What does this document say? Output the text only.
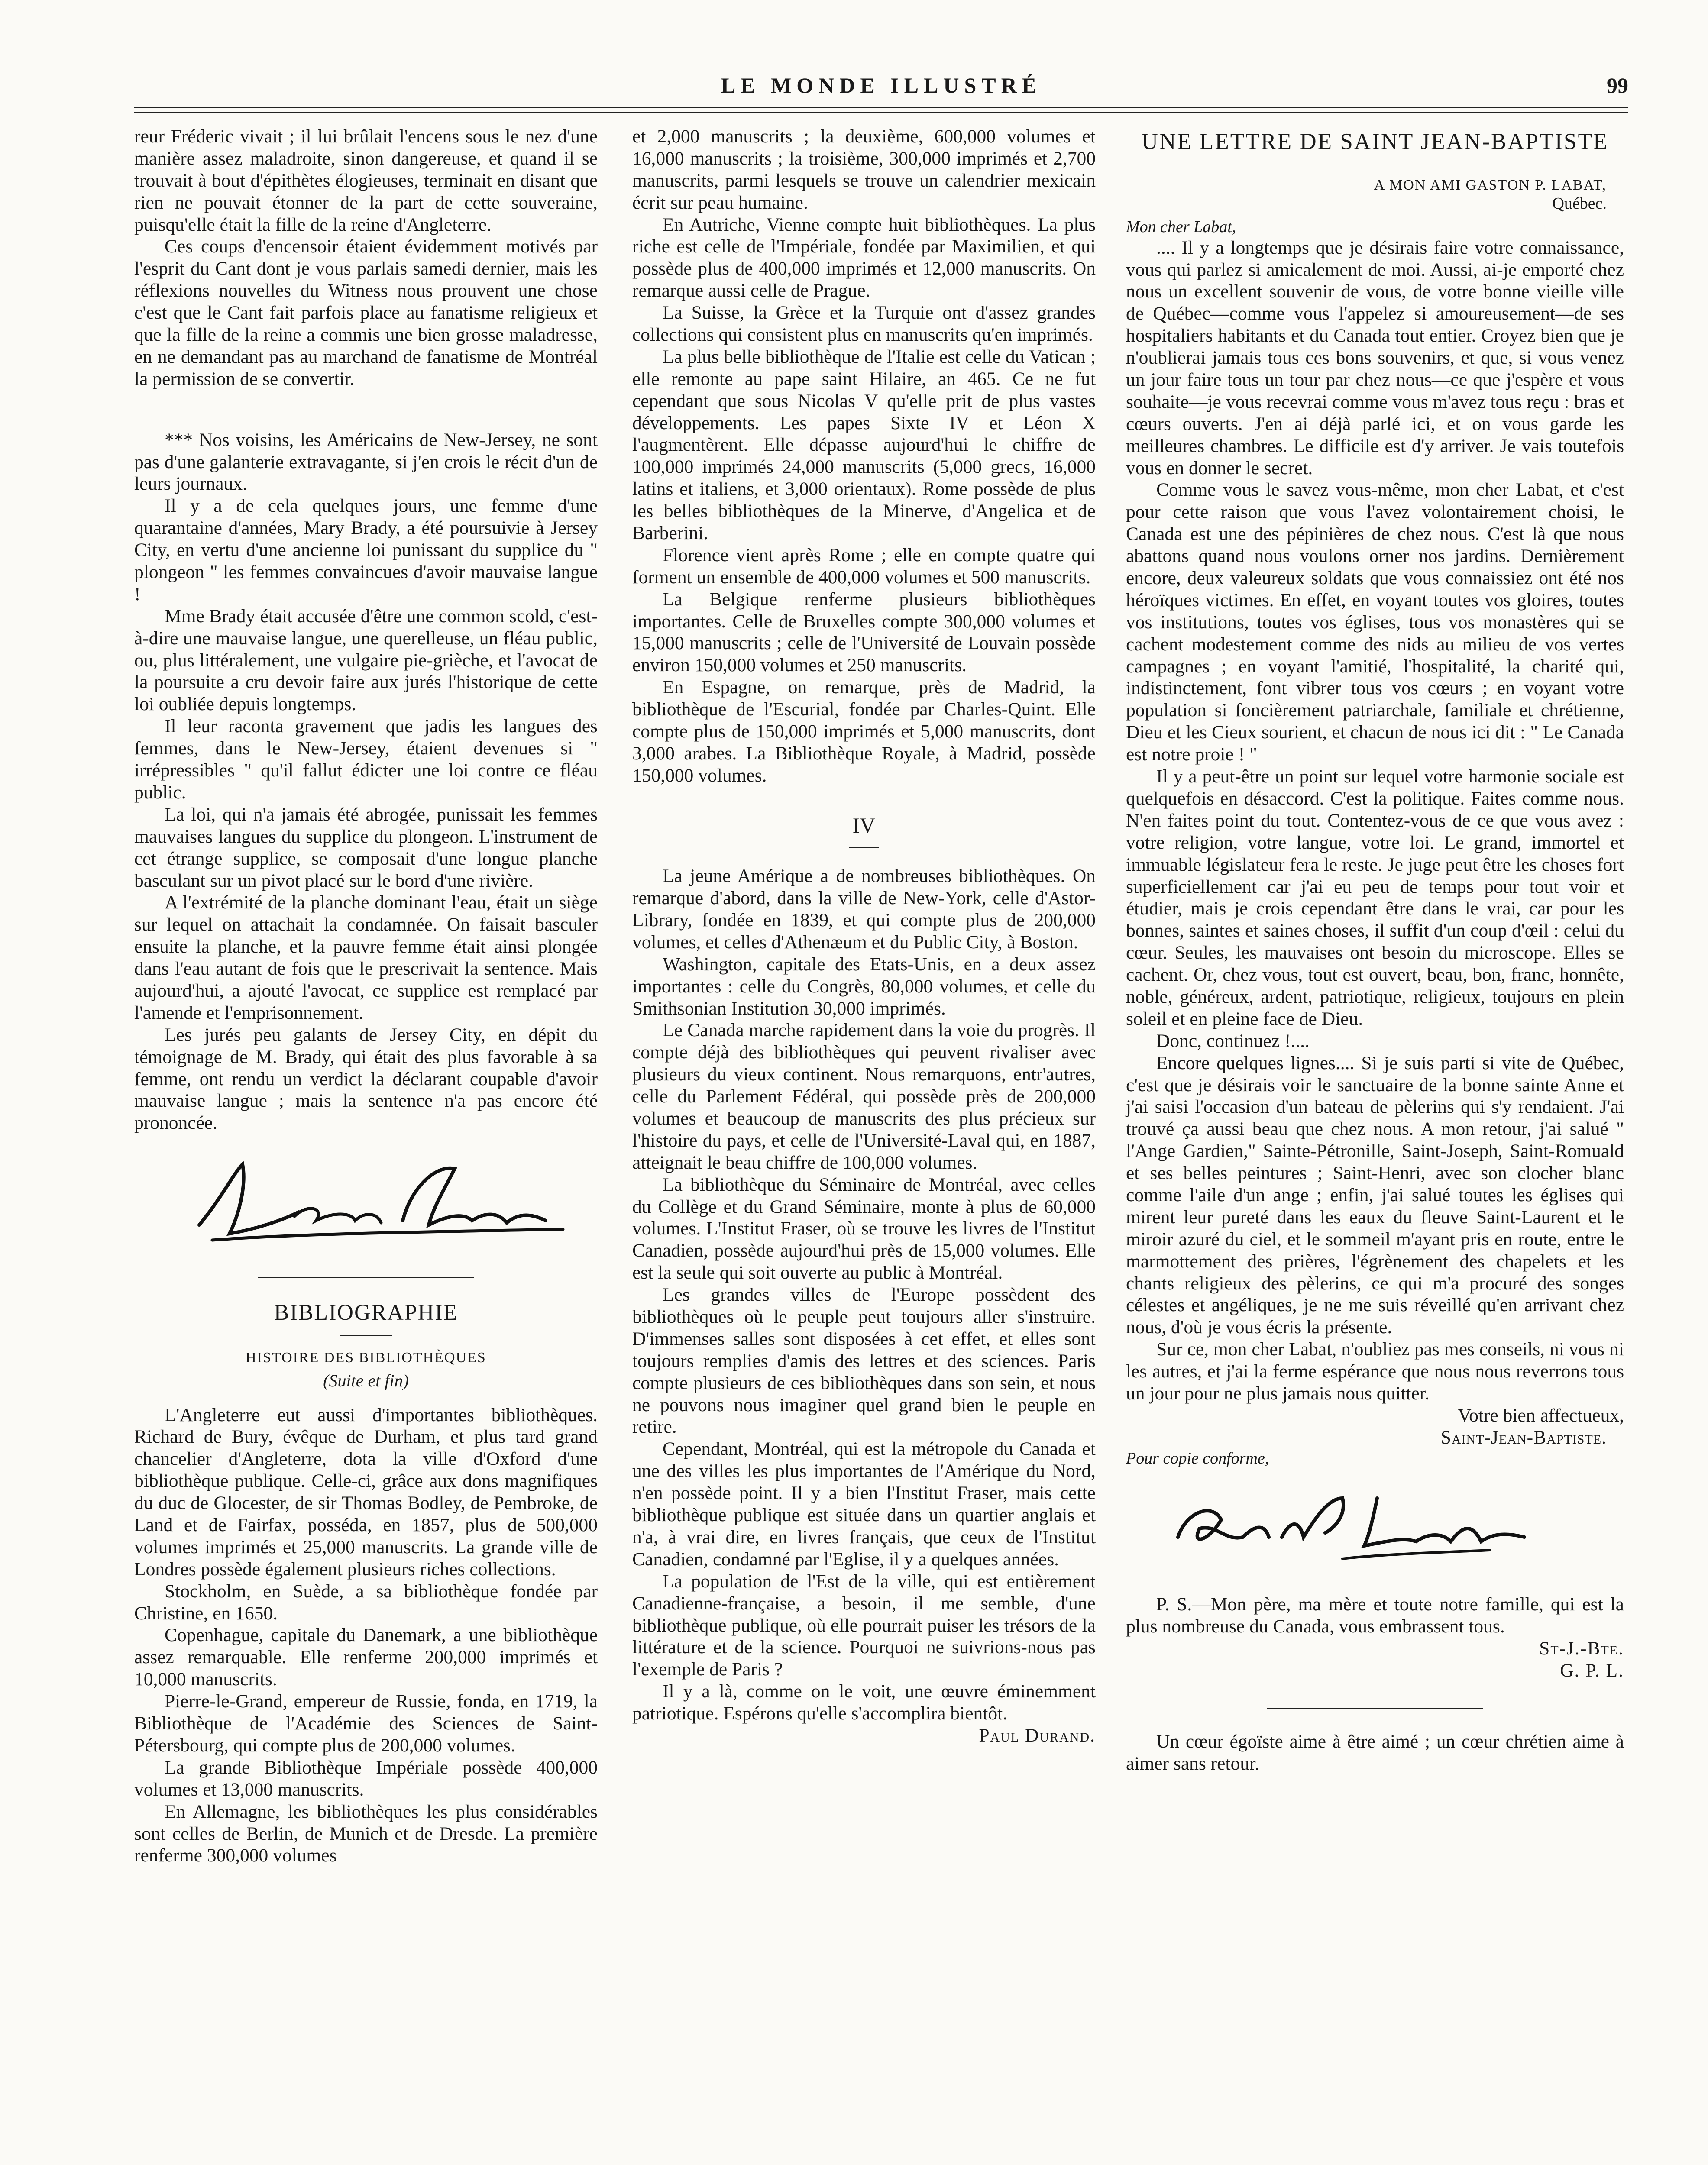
LE MONDE ILLUSTRÉ	99

reur Fréderic vivait ; il lui brûlait l'encens sous le nez d'une manière assez maladroite, sinon dangereuse, et quand il se trouvait à bout d'épithètes élogieuses, terminait en disant que rien ne pouvait étonner de la part de cette souveraine, puisqu'elle était la fille de la reine d'Angleterre.

Ces coups d'encensoir étaient évidemment motivés par l'esprit du Cant dont je vous parlais samedi dernier, mais les réflexions nouvelles du Witness nous prouvent une chose c'est que le Cant fait parfois place au fanatisme religieux et que la fille de la reine a commis une bien grosse maladresse, en ne demandant pas au marchand de fanatisme de Montréal la permission de se convertir.

*** Nos voisins, les Américains de New-Jersey, ne sont pas d'une galanterie extravagante, si j'en crois le récit d'un de leurs journaux.

Il y a de cela quelques jours, une femme d'une quarantaine d'années, Mary Brady, a été poursuivie à Jersey City, en vertu d'une ancienne loi punissant du supplice du " plongeon " les femmes convaincues d'avoir mauvaise langue !

Mme Brady était accusée d'être une common scold, c'est-à-dire une mauvaise langue, une querelleuse, un fléau public, ou, plus littéralement, une vulgaire pie-grièche, et l'avocat de la poursuite a cru devoir faire aux jurés l'historique de cette loi oubliée depuis longtemps.

Il leur raconta gravement que jadis les langues des femmes, dans le New-Jersey, étaient devenues si " irrépressibles " qu'il fallut édicter une loi contre ce fléau public.

La loi, qui n'a jamais été abrogée, punissait les femmes mauvaises langues du supplice du plongeon. L'instrument de cet étrange supplice, se composait d'une longue planche basculant sur un pivot placé sur le bord d'une rivière.

A l'extrémité de la planche dominant l'eau, était un siège sur lequel on attachait la condamnée. On faisait basculer ensuite la planche, et la pauvre femme était ainsi plongée dans l'eau autant de fois que le prescrivait la sentence. Mais aujourd'hui, a ajouté l'avocat, ce supplice est remplacé par l'amende et l'emprisonnement.

Les jurés peu galants de Jersey City, en dépit du témoignage de M. Brady, qui était des plus favorable à sa femme, ont rendu un verdict la déclarant coupable d'avoir mauvaise langue ; mais la sentence n'a pas encore été prononcée.

BIBLIOGRAPHIE
HISTOIRE DES BIBLIOTHÈQUES
(Suite et fin)

L'Angleterre eut aussi d'importantes bibliothèques. Richard de Bury, évêque de Durham, et plus tard grand chancelier d'Angleterre, dota la ville d'Oxford d'une bibliothèque publique. Celle-ci, grâce aux dons magnifiques du duc de Glocester, de sir Thomas Bodley, de Pembroke, de Land et de Fairfax, posséda, en 1857, plus de 500,000 volumes imprimés et 25,000 manuscrits. La grande ville de Londres possède également plusieurs riches collections.

Stockholm, en Suède, a sa bibliothèque fondée par Christine, en 1650.

Copenhague, capitale du Danemark, a une bibliothèque assez remarquable. Elle renferme 200,000 imprimés et 10,000 manuscrits.

Pierre-le-Grand, empereur de Russie, fonda, en 1719, la Bibliothèque de l'Académie des Sciences de Saint-Pétersbourg, qui compte plus de 200,000 volumes.

La grande Bibliothèque Impériale possède 400,000 volumes et 13,000 manuscrits.

En Allemagne, les bibliothèques les plus considérables sont celles de Berlin, de Munich et de Dresde. La première renferme 300,000 volumes

et 2,000 manuscrits ; la deuxième, 600,000 volumes et 16,000 manuscrits ; la troisième, 300,000 imprimés et 2,700 manuscrits, parmi lesquels se trouve un calendrier mexicain écrit sur peau humaine.

En Autriche, Vienne compte huit bibliothèques. La plus riche est celle de l'Impériale, fondée par Maximilien, et qui possède plus de 400,000 imprimés et 12,000 manuscrits. On remarque aussi celle de Prague.

La Suisse, la Grèce et la Turquie ont d'assez grandes collections qui consistent plus en manuscrits qu'en imprimés.

La plus belle bibliothèque de l'Italie est celle du Vatican ; elle remonte au pape saint Hilaire, an 465. Ce ne fut cependant que sous Nicolas V qu'elle prit de plus vastes développements. Les papes Sixte IV et Léon X l'augmentèrent. Elle dépasse aujourd'hui le chiffre de 100,000 imprimés 24,000 manuscrits (5,000 grecs, 16,000 latins et italiens, et 3,000 orientaux). Rome possède de plus les belles bibliothèques de la Minerve, d'Angelica et de Barberini.

Florence vient après Rome ; elle en compte quatre qui forment un ensemble de 400,000 volumes et 500 manuscrits.

La Belgique renferme plusieurs bibliothèques importantes. Celle de Bruxelles compte 300,000 volumes et 15,000 manuscrits ; celle de l'Université de Louvain possède environ 150,000 volumes et 250 manuscrits.

En Espagne, on remarque, près de Madrid, la bibliothèque de l'Escurial, fondée par Charles-Quint. Elle compte plus de 150,000 imprimés et 5,000 manuscrits, dont 3,000 arabes. La Bibliothèque Royale, à Madrid, possède 150,000 volumes.

IV

La jeune Amérique a de nombreuses bibliothèques. On remarque d'abord, dans la ville de New-York, celle d'Astor-Library, fondée en 1839, et qui compte plus de 200,000 volumes, et celles d'Athenæum et du Public City, à Boston.

Washington, capitale des Etats-Unis, en a deux assez importantes : celle du Congrès, 80,000 volumes, et celle du Smithsonian Institution 30,000 imprimés.

Le Canada marche rapidement dans la voie du progrès. Il compte déjà des bibliothèques qui peuvent rivaliser avec plusieurs du vieux continent. Nous remarquons, entr'autres, celle du Parlement Fédéral, qui possède près de 200,000 volumes et beaucoup de manuscrits des plus précieux sur l'histoire du pays, et celle de l'Université-Laval qui, en 1887, atteignait le beau chiffre de 100,000 volumes.

La bibliothèque du Séminaire de Montréal, avec celles du Collège et du Grand Séminaire, monte à plus de 60,000 volumes. L'Institut Fraser, où se trouve les livres de l'Institut Canadien, possède aujourd'hui près de 15,000 volumes. Elle est la seule qui soit ouverte au public à Montréal.

Les grandes villes de l'Europe possèdent des bibliothèques où le peuple peut toujours aller s'instruire. D'immenses salles sont disposées à cet effet, et elles sont toujours remplies d'amis des lettres et des sciences. Paris compte plusieurs de ces bibliothèques dans son sein, et nous ne pouvons nous imaginer quel grand bien le peuple en retire.

Cependant, Montréal, qui est la métropole du Canada et une des villes les plus importantes de l'Amérique du Nord, n'en possède point. Il y a bien l'Institut Fraser, mais cette bibliothèque publique est située dans un quartier anglais et n'a, à vrai dire, en livres français, que ceux de l'Institut Canadien, condamné par l'Eglise, il y a quelques années.

La population de l'Est de la ville, qui est entièrement Canadienne-française, a besoin, il me semble, d'une bibliothèque publique, où elle pourrait puiser les trésors de la littérature et de la science. Pourquoi ne suivrions-nous pas l'exemple de Paris ?

Il y a là, comme on le voit, une œuvre éminemment patriotique. Espérons qu'elle s'accomplira bientôt.

Paul Durand.

UNE LETTRE DE SAINT JEAN-BAPTISTE
A MON AMI GASTON P. LABAT,
Québec.

Mon cher Labat,

.... Il y a longtemps que je désirais faire votre connaissance, vous qui parlez si amicalement de moi. Aussi, ai-je emporté chez nous un excellent souvenir de vous, de votre bonne vieille ville de Québec—comme vous l'appelez si amoureusement—de ses hospitaliers habitants et du Canada tout entier. Croyez bien que je n'oublierai jamais tous ces bons souvenirs, et que, si vous venez un jour faire tous un tour par chez nous—ce que j'espère et vous souhaite—je vous recevrai comme vous m'avez tous reçu : bras et cœurs ouverts. J'en ai déjà parlé ici, et on vous garde les meilleures chambres. Le difficile est d'y arriver. Je vais toutefois vous en donner le secret.

Comme vous le savez vous-même, mon cher Labat, et c'est pour cette raison que vous l'avez volontairement choisi, le Canada est une des pépinières de chez nous. C'est là que nous abattons quand nous voulons orner nos jardins. Dernièrement encore, deux valeureux soldats que vous connaissiez ont été nos héroïques victimes. En effet, en voyant toutes vos gloires, toutes vos institutions, toutes vos églises, tous vos monastères qui se cachent modestement comme des nids au milieu de vos vertes campagnes ; en voyant l'amitié, l'hospitalité, la charité qui, indistinctement, font vibrer tous vos cœurs ; en voyant votre population si foncièrement patriarchale, familiale et chrétienne, Dieu et les Cieux sourient, et chacun de nous ici dit : " Le Canada est notre proie ! "

Il y a peut-être un point sur lequel votre harmonie sociale est quelquefois en désaccord. C'est la politique. Faites comme nous. N'en faites point du tout. Contentez-vous de ce que vous avez : votre religion, votre langue, votre loi. Le grand, immortel et immuable législateur fera le reste. Je juge peut être les choses fort superficiellement car j'ai eu peu de temps pour tout voir et étudier, mais je crois cependant être dans le vrai, car pour les bonnes, saintes et saines choses, il suffit d'un coup d'œil : celui du cœur. Seules, les mauvaises ont besoin du microscope. Elles se cachent. Or, chez vous, tout est ouvert, beau, bon, franc, honnête, noble, généreux, ardent, patriotique, religieux, toujours en plein soleil et en pleine face de Dieu.

Donc, continuez !....

Encore quelques lignes.... Si je suis parti si vite de Québec, c'est que je désirais voir le sanctuaire de la bonne sainte Anne et j'ai saisi l'occasion d'un bateau de pèlerins qui s'y rendaient. J'ai trouvé ça aussi beau que chez nous. A mon retour, j'ai salué " l'Ange Gardien," Sainte-Pétronille, Saint-Joseph, Saint-Romuald et ses belles peintures ; Saint-Henri, avec son clocher blanc comme l'aile d'un ange ; enfin, j'ai salué toutes les églises qui mirent leur pureté dans les eaux du fleuve Saint-Laurent et le miroir azuré du ciel, et le sommeil m'ayant pris en route, entre le marmottement des prières, l'égrènement des chapelets et les chants religieux des pèlerins, ce qui m'a procuré des songes célestes et angéliques, je ne me suis réveillé qu'en arrivant chez nous, d'où je vous écris la présente.

Sur ce, mon cher Labat, n'oubliez pas mes conseils, ni vous ni les autres, et j'ai la ferme espérance que nous nous reverrons tous un jour pour ne plus jamais nous quitter.

Votre bien affectueux,

Saint-Jean-Baptiste.

Pour copie conforme,

P. S.—Mon père, ma mère et toute notre famille, qui est la plus nombreuse du Canada, vous embrassent tous.

St-J.-Bte.

G. P. L.

Un cœur égoïste aime à être aimé ; un cœur chrétien aime à aimer sans retour.
